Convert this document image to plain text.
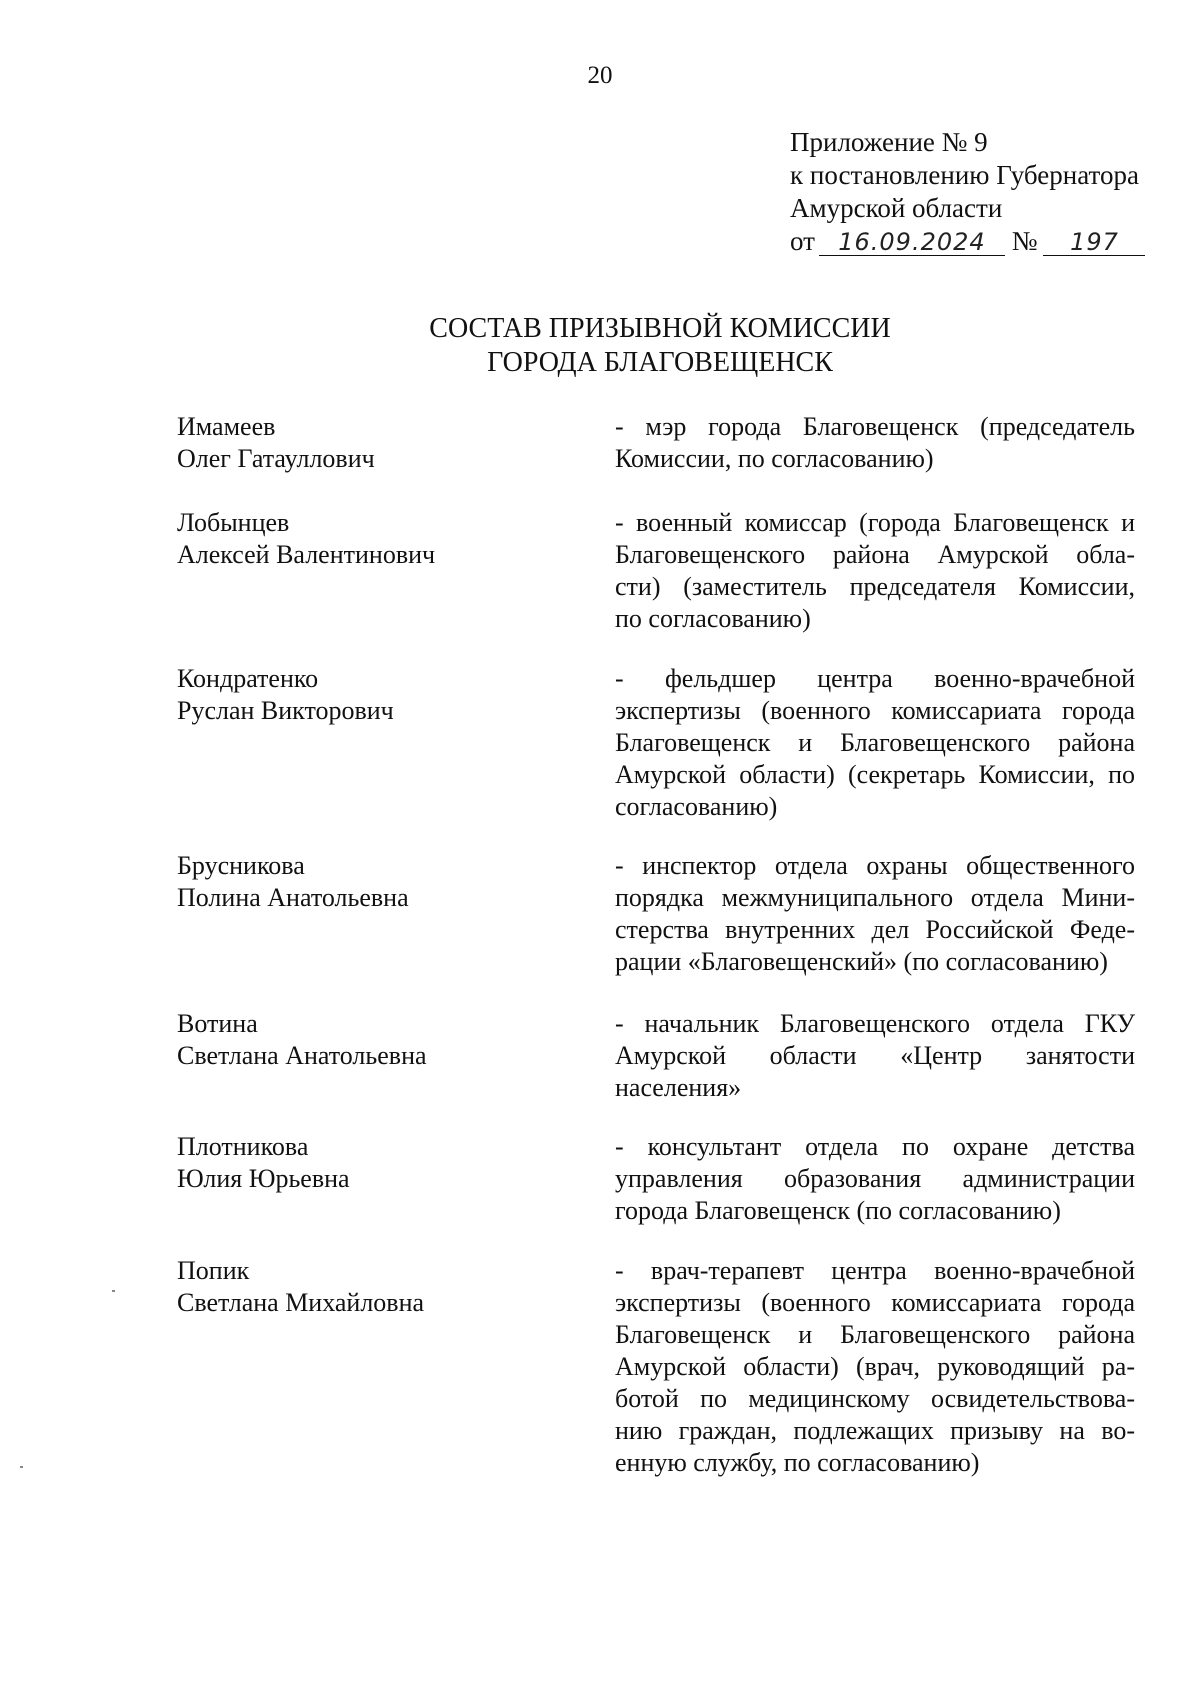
20
Приложение № 9
к постановлению Губернатора
Амурской области
от 16.09.2024 № 197
СОСТАВ ПРИЗЫВНОЙ КОМИССИИ
ГОРОДА БЛАГОВЕЩЕНСК
Имамеев
Олег Гатауллович
- мэр города Благовещенск (председатель
Комиссии, по согласованию)
Лобынцев
Алексей Валентинович
- военный комиссар (города Благовещенск и
Благовещенского района Амурской обла-
сти) (заместитель председателя Комиссии,
по согласованию)
Кондратенко
Руслан Викторович
- фельдшер центра военно-врачебной
экспертизы (военного комиссариата города
Благовещенск и Благовещенского района
Амурской области) (секретарь Комиссии, по
согласованию)
Брусникова
Полина Анатольевна
- инспектор отдела охраны общественного
порядка межмуниципального отдела Мини-
стерства внутренних дел Российской Феде-
рации «Благовещенский» (по согласованию)
Вотина
Светлана Анатольевна
- начальник Благовещенского отдела ГКУ
Амурской области «Центр занятости
населения»
Плотникова
Юлия Юрьевна
- консультант отдела по охране детства
управления образования администрации
города Благовещенск (по согласованию)
Попик
Светлана Михайловна
- врач-терапевт центра военно-врачебной
экспертизы (военного комиссариата города
Благовещенск и Благовещенского района
Амурской области) (врач, руководящий ра-
ботой по медицинскому освидетельствова-
нию граждан, подлежащих призыву на во-
енную службу, по согласованию)
